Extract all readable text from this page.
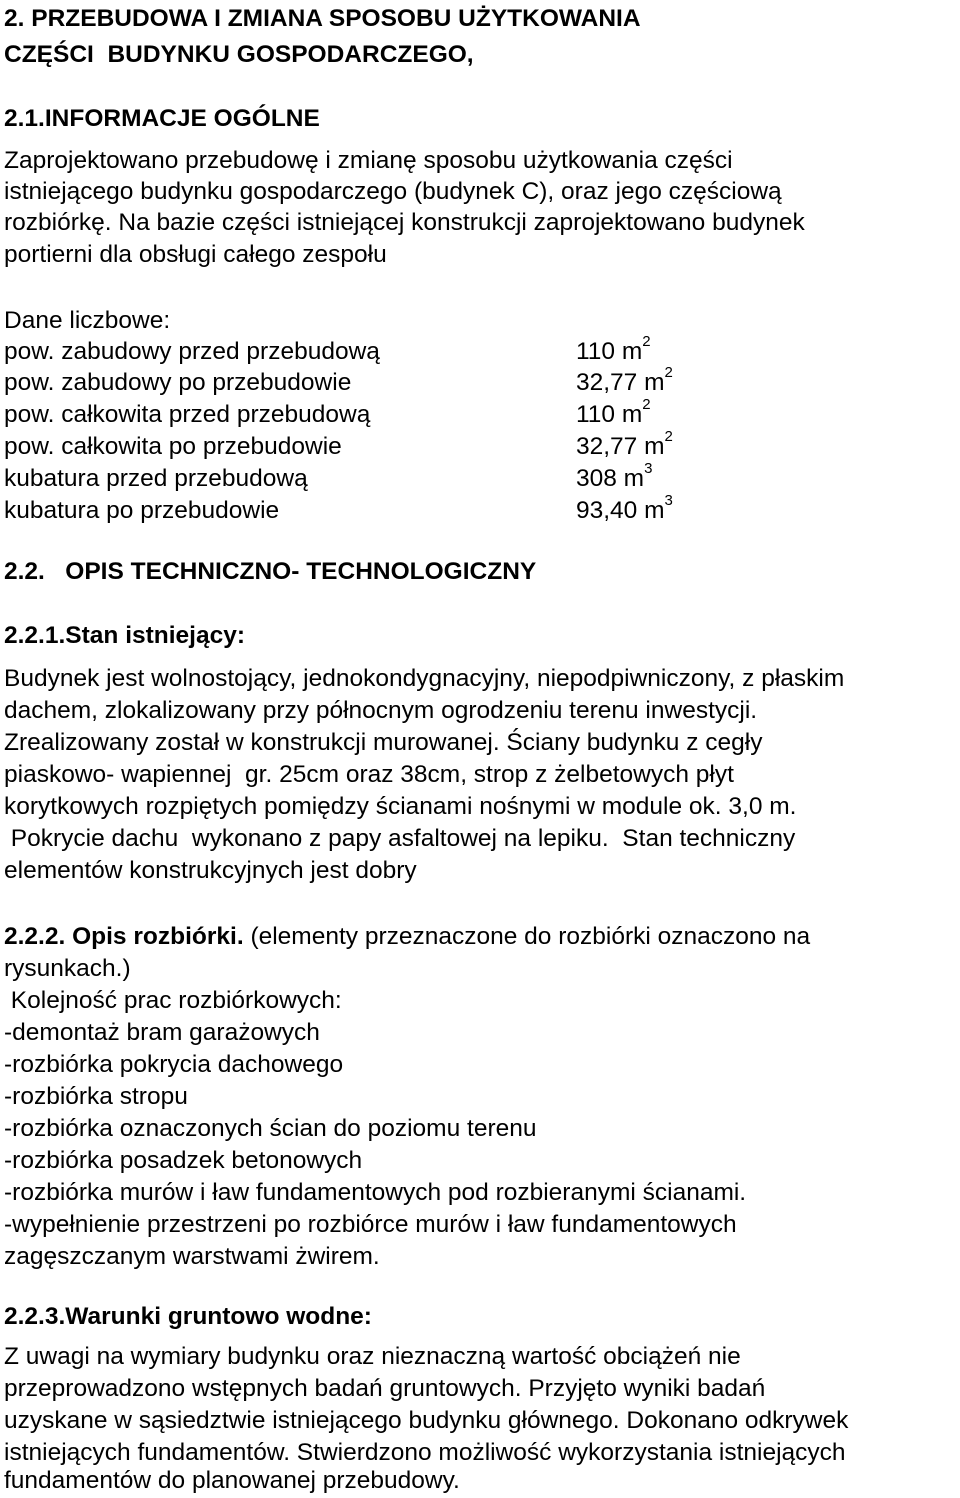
2. PRZEBUDOWA I ZMIANA SPOSOBU UŻYTKOWANIA
CZĘŚCI  BUDYNKU GOSPODARCZEGO,
2.1.INFORMACJE OGÓLNE
Zaprojektowano przebudowę i zmianę sposobu użytkowania części
istniejącego budynku gospodarczego (budynek C), oraz jego częściową
rozbiórkę. Na bazie części istniejącej konstrukcji zaprojektowano budynek
portierni dla obsługi całego zespołu
Dane liczbowe:
pow. zabudowy przed przebudową	110 $m^2$
pow. zabudowy po przebudowie	32,77 $m^2$
pow. całkowita przed przebudową	110 $m^2$
pow. całkowita po przebudowie	32,77 $m^2$
kubatura przed przebudową	308 $m^3$
kubatura po przebudowie	93,40 $m^3$
2.2.   OPIS TECHNICZNO- TECHNOLOGICZNY
2.2.1.Stan istniejący:
Budynek jest wolnostojący, jednokondygnacyjny, niepodpiwniczony, z płaskim
dachem, zlokalizowany przy północnym ogrodzeniu terenu inwestycji.
Zrealizowany został w konstrukcji murowanej. Ściany budynku z cegły
piaskowo- wapiennej  gr. 25cm oraz 38cm, strop z żelbetowych płyt
korytkowych rozpiętych pomiędzy ścianami nośnymi w module ok. 3,0 m.
Pokrycie dachu  wykonano z papy asfaltowej na lepiku.  Stan techniczny
elementów konstrukcyjnych jest dobry
2.2.2. Opis rozbiórki. (elementy przeznaczone do rozbiórki oznaczono na
rysunkach.)
Kolejność prac rozbiórkowych:
-demontaż bram garażowych
-rozbiórka pokrycia dachowego
-rozbiórka stropu
-rozbiórka oznaczonych ścian do poziomu terenu
-rozbiórka posadzek betonowych
-rozbiórka murów i ław fundamentowych pod rozbieranymi ścianami.
-wypełnienie przestrzeni po rozbiórce murów i ław fundamentowych
zagęszczanym warstwami żwirem.
2.2.3.Warunki gruntowo wodne:
Z uwagi na wymiary budynku oraz nieznaczną wartość obciążeń nie
przeprowadzono wstępnych badań gruntowych. Przyjęto wyniki badań
uzyskane w sąsiedztwie istniejącego budynku głównego. Dokonano odkrywek
istniejących fundamentów. Stwierdzono możliwość wykorzystania istniejących
fundamentów do planowanej przebudowy.
